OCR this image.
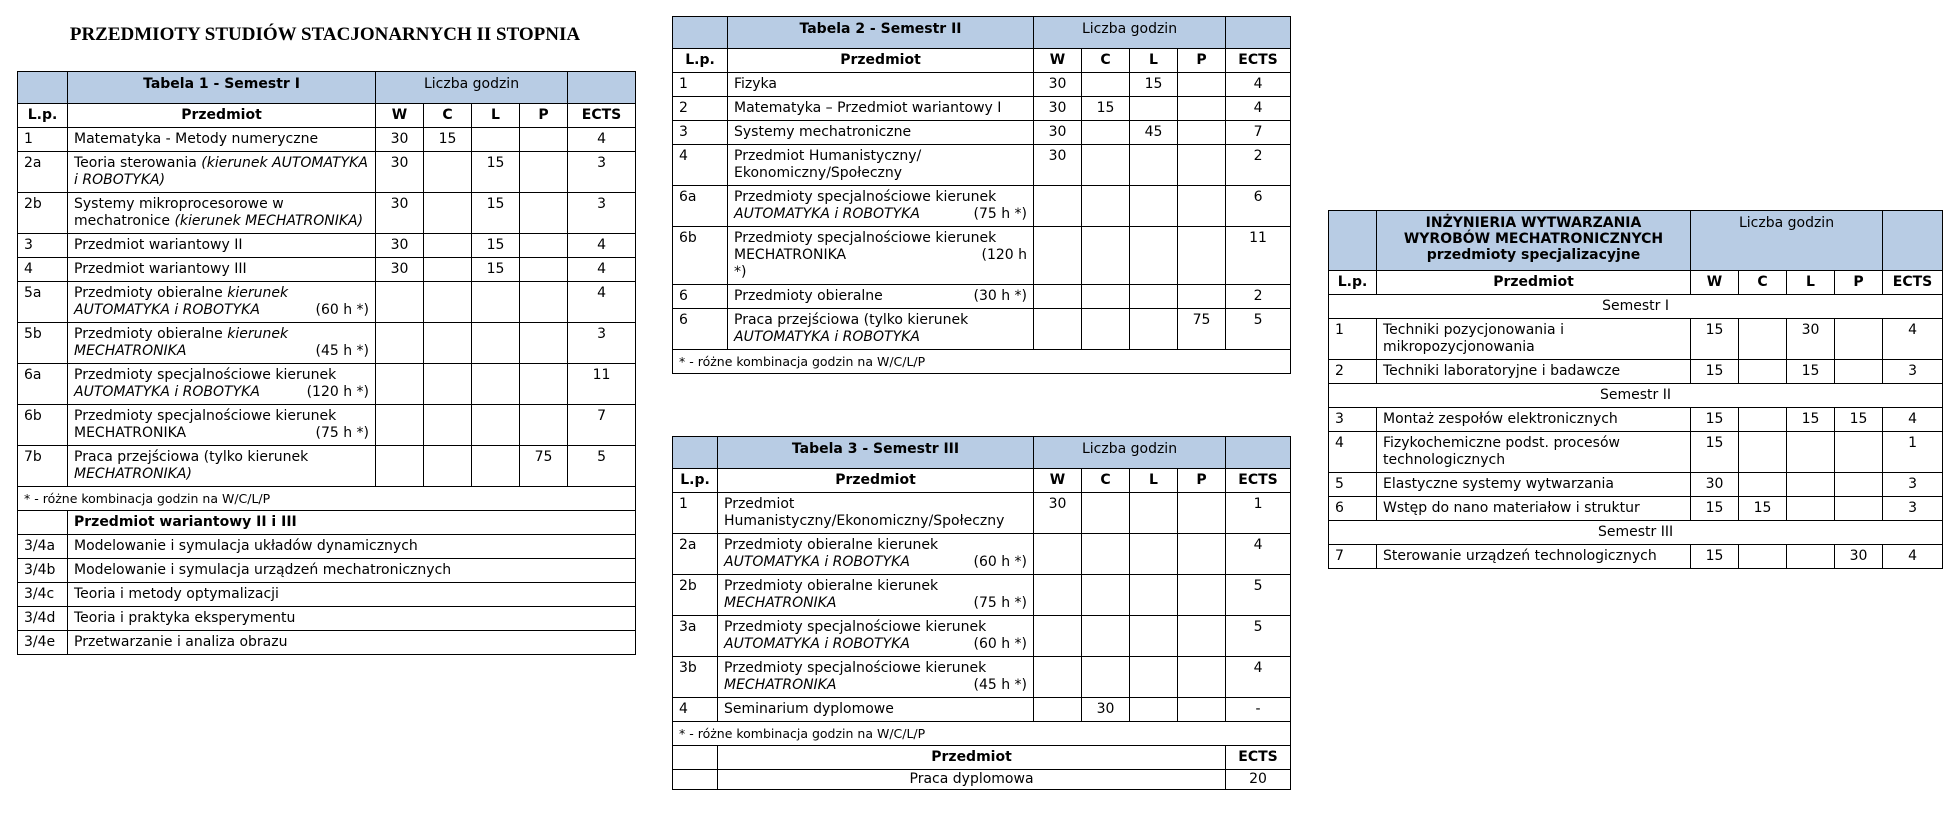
PRZEDMIOTY STUDIÓW STACJONARNYCH II STOPNIA
	Tabela 1 - Semestr I	Liczba godzin				
L.p.	Przedmiot	W	C	L	P	ECTS
1	Matematyka - Metody numeryczne	30	15			4
2a	Teoria sterowania (kierunek AUTOMATYKA i ROBOTYKA)	30		15		3
2b	Systemy mikroprocesorowe w mechatronice (kierunek MECHATRONIKA)	30		15		3
3	Przedmiot wariantowy II	30		15		4
4	Przedmiot wariantowy III	30		15		4
5a	Przedmioty obieralne kierunek
AUTOMATYKA i ROBOTYKA (60 h *)					4
5b	Przedmioty obieralne kierunek
MECHATRONIKA (45 h *)					3
6a	Przedmioty specjalnościowe kierunek
AUTOMATYKA i ROBOTYKA (120 h *)					11
6b	Przedmioty specjalnościowe kierunek
MECHATRONIKA (75 h *)					7
7b	Praca przejściowa (tylko kierunek
MECHATRONIKA)				75	5
* - różne kombinacja godzin na W/C/L/P						
	Przedmiot wariantowy II i III					
3/4a	Modelowanie i symulacja układów dynamicznych					
3/4b	Modelowanie i symulacja urządzeń mechatronicznych					
3/4c	Teoria i metody optymalizacji					
3/4d	Teoria i praktyka eksperymentu					
3/4e	Przetwarzanie i analiza obrazu					
	Tabela 2 - Semestr II	Liczba godzin				
L.p.	Przedmiot	W	C	L	P	ECTS
1	Fizyka	30		15		4
2	Matematyka – Przedmiot wariantowy I	30	15			4
3	Systemy mechatroniczne	30		45		7
4	Przedmiot Humanistyczny/
Ekonomiczny/Społeczny	30				2
6a	Przedmioty specjalnościowe kierunek
AUTOMATYKA i ROBOTYKA (75 h *)					6
6b	Przedmioty specjalnościowe kierunek
MECHATRONIKA (120 h
*)					11
6	Przedmioty obieralne (30 h *)					2
6	Praca przejściowa (tylko kierunek
AUTOMATYKA i ROBOTYKA				75	5
* - różne kombinacja godzin na W/C/L/P						
	Tabela 3 - Semestr III	Liczba godzin				
L.p.	Przedmiot	W	C	L	P	ECTS
1	Przedmiot
Humanistyczny/Ekonomiczny/Społeczny	30				1
2a	Przedmioty obieralne kierunek
AUTOMATYKA i ROBOTYKA (60 h *)					4
2b	Przedmioty obieralne kierunek
MECHATRONIKA (75 h *)					5
3a	Przedmioty specjalnościowe kierunek
AUTOMATYKA i ROBOTYKA (60 h *)					5
3b	Przedmioty specjalnościowe kierunek
MECHATRONIKA (45 h *)					4
4	Seminarium dyplomowe		30			-
* - różne kombinacja godzin na W/C/L/P						
	Przedmiot					ECTS
	Praca dyplomowa					20

	INŻYNIERIA WYTWARZANIA
WYROBÓW MECHATRONICZNYCH
przedmioty specjalizacyjne	Liczba godzin				
L.p.	Przedmiot	W	C	L	P	ECTS
Semestr I						
1	Techniki pozycjonowania i
mikropozycjonowania	15		30		4
2	Techniki laboratoryjne i badawcze	15		15		3
Semestr II						
3	Montaż zespołów elektronicznych	15		15	15	4
4	Fizykochemiczne podst. procesów
technologicznych	15				1
5	Elastyczne systemy wytwarzania	30				3
6	Wstęp do nano materiałow i struktur	15	15			3
Semestr III						
7	Sterowanie urządzeń technologicznych	15			30	4
